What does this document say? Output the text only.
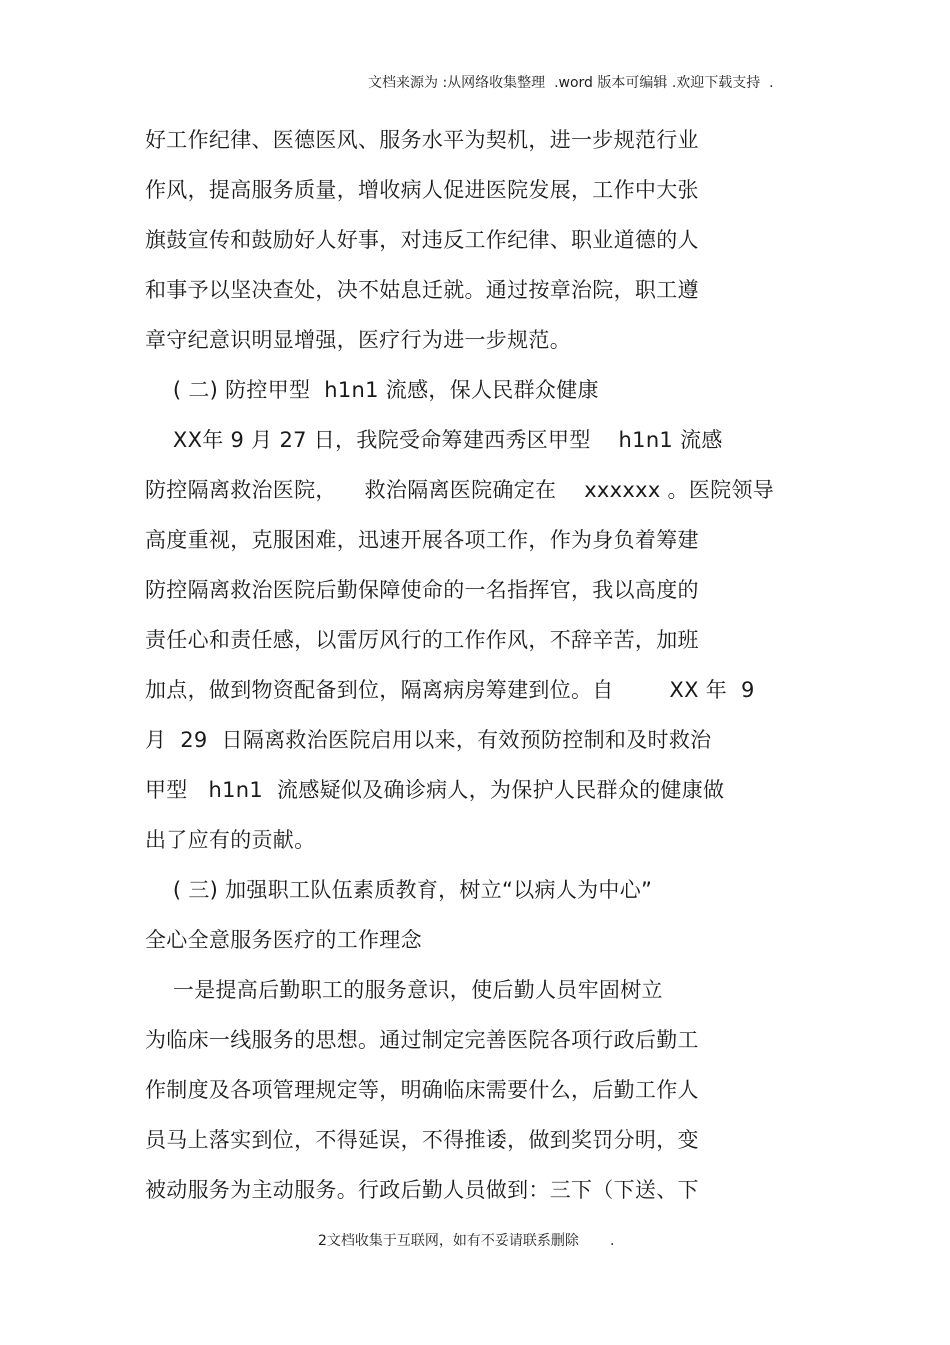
文档来源为 :从网络收集整理  .word 版本可编辑 .欢迎下载支持  .
好工作纪律、医德医风、服务水平为契机，进一步规范行业
作风，提高服务质量，增收病人促进医院发展，工作中大张
旗鼓宣传和鼓励好人好事，对违反工作纪律、职业道德的人
和事予以坚决查处，决不姑息迁就。通过按章治院，职工遵
章守纪意识明显增强，医疗行为进一步规范。
( 二) 防控甲型  h1n1 流感，保人民群众健康
XX年 9 月 27 日，我院受命筹建西秀区甲型    h1n1 流感
防控隔离救治医院，    救治隔离医院确定在    xxxxxx 。医院领导
高度重视，克服困难，迅速开展各项工作，作为身负着筹建
防控隔离救治医院后勤保障使命的一名指挥官，我以高度的
责任心和责任感，以雷厉风行的工作作风，不辞辛苦，加班
加点，做到物资配备到位，隔离病房筹建到位。自        XX 年  9
月  29  日隔离救治医院启用以来，有效预防控制和及时救治
甲型   h1n1  流感疑似及确诊病人，为保护人民群众的健康做
出了应有的贡献。
( 三) 加强职工队伍素质教育，树立“以病人为中心”
全心全意服务医疗的工作理念
一是提高后勤职工的服务意识，使后勤人员牢固树立
为临床一线服务的思想。通过制定完善医院各项行政后勤工
作制度及各项管理规定等，明确临床需要什么，后勤工作人
员马上落实到位，不得延误，不得推诿，做到奖罚分明，变
被动服务为主动服务。行政后勤人员做到：三下（下送、下
2文档收集于互联网，如有不妥请联系删除       .
